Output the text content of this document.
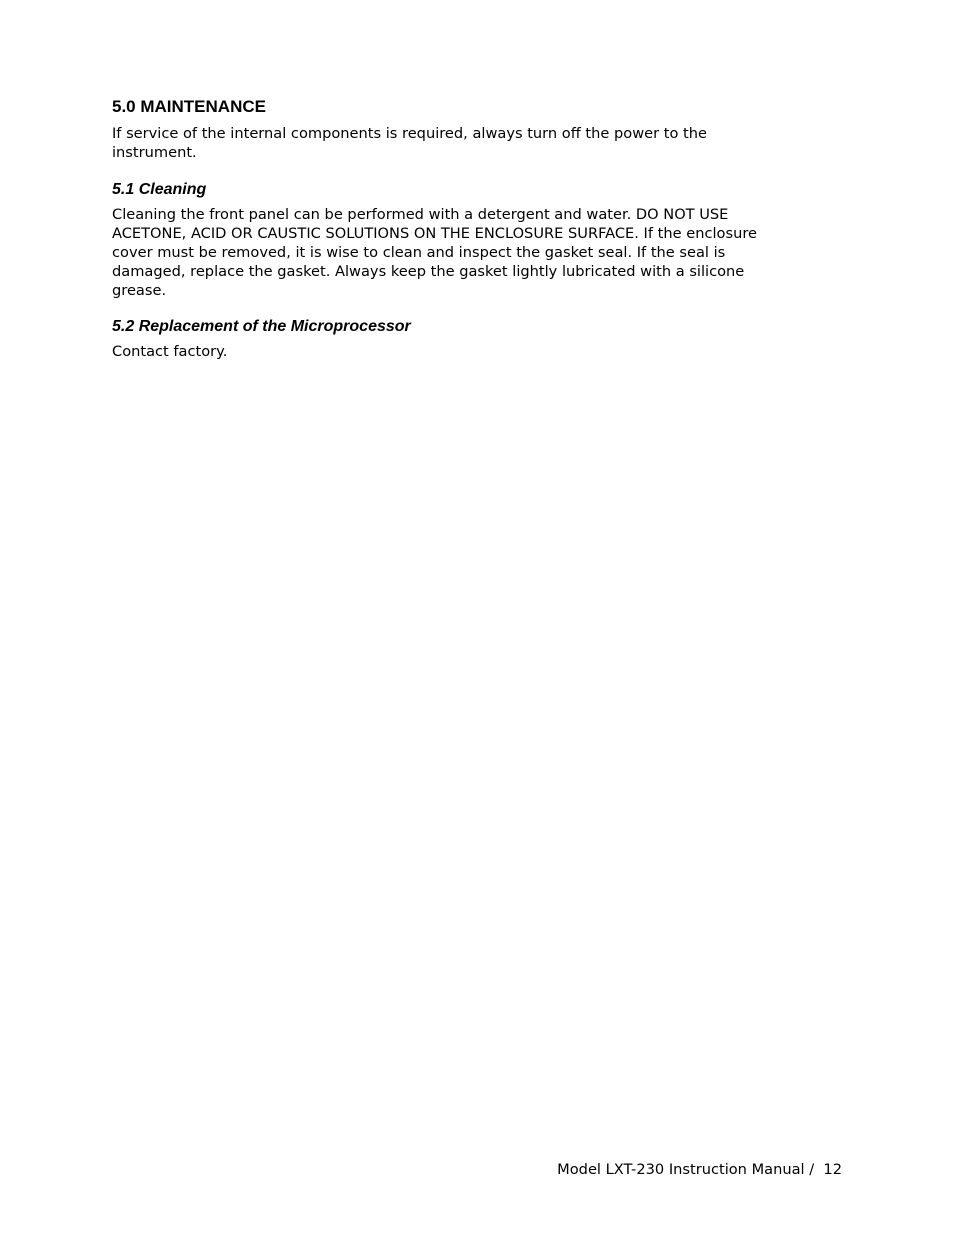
5.0 MAINTENANCE

If service of the internal components is required, always turn off the power to the
instrument.

5.1 Cleaning

Cleaning the front panel can be performed with a detergent and water. DO NOT USE
ACETONE, ACID OR CAUSTIC SOLUTIONS ON THE ENCLOSURE SURFACE. If the enclosure
cover must be removed, it is wise to clean and inspect the gasket seal. If the seal is
damaged, replace the gasket. Always keep the gasket lightly lubricated with a silicone
grease.

5.2 Replacement of the Microprocessor

Contact factory.

Model LXT-230 Instruction Manual /  12
